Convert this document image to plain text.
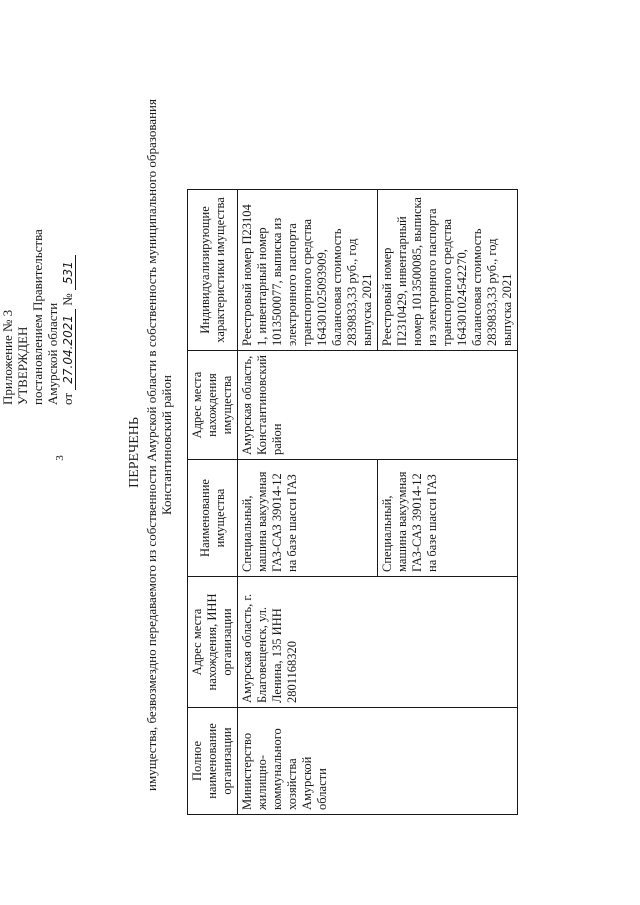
3
Приложение № 3 УТВЕРЖДЕН постановлением Правительства Амурской области от 27.04.2021 № 531
ПЕРЕЧЕНЬ имущества, безвозмездно передаваемого из собственности Амурской области в собственность муниципального образования Константиновский район
Полное наименование организации	Адрес места нахождения, ИНН организации	Наименование имущества	Адрес места нахождения имущества	Индивидуализирующие характеристики имущества
Министерство жилищно-коммунального хозяйства Амурской области	Амурская область, г. Благовещенск, ул. Ленина, 135 ИНН 2801168320	Специальный, машина вакуумная ГАЗ-САЗ 39014-12 на базе шасси ГАЗ	Амурская область, Константиновский район	Реестровый номер П23104 1, инвентарный номер 1013500077, выписка из электронного паспорта транспортного средства 164301025093909, балансовая стоимость 2839833,33 руб., год выпуска 2021
		Специальный, машина вакуумная ГАЗ-САЗ 39014-12 на базе шасси ГАЗ		Реестровый номер П2310429, инвентарный номер 1013500085, выписка из электронного паспорта транспортного средства 164301024542270, балансовая стоимость 2839833,33 руб., год выпуска 2021
